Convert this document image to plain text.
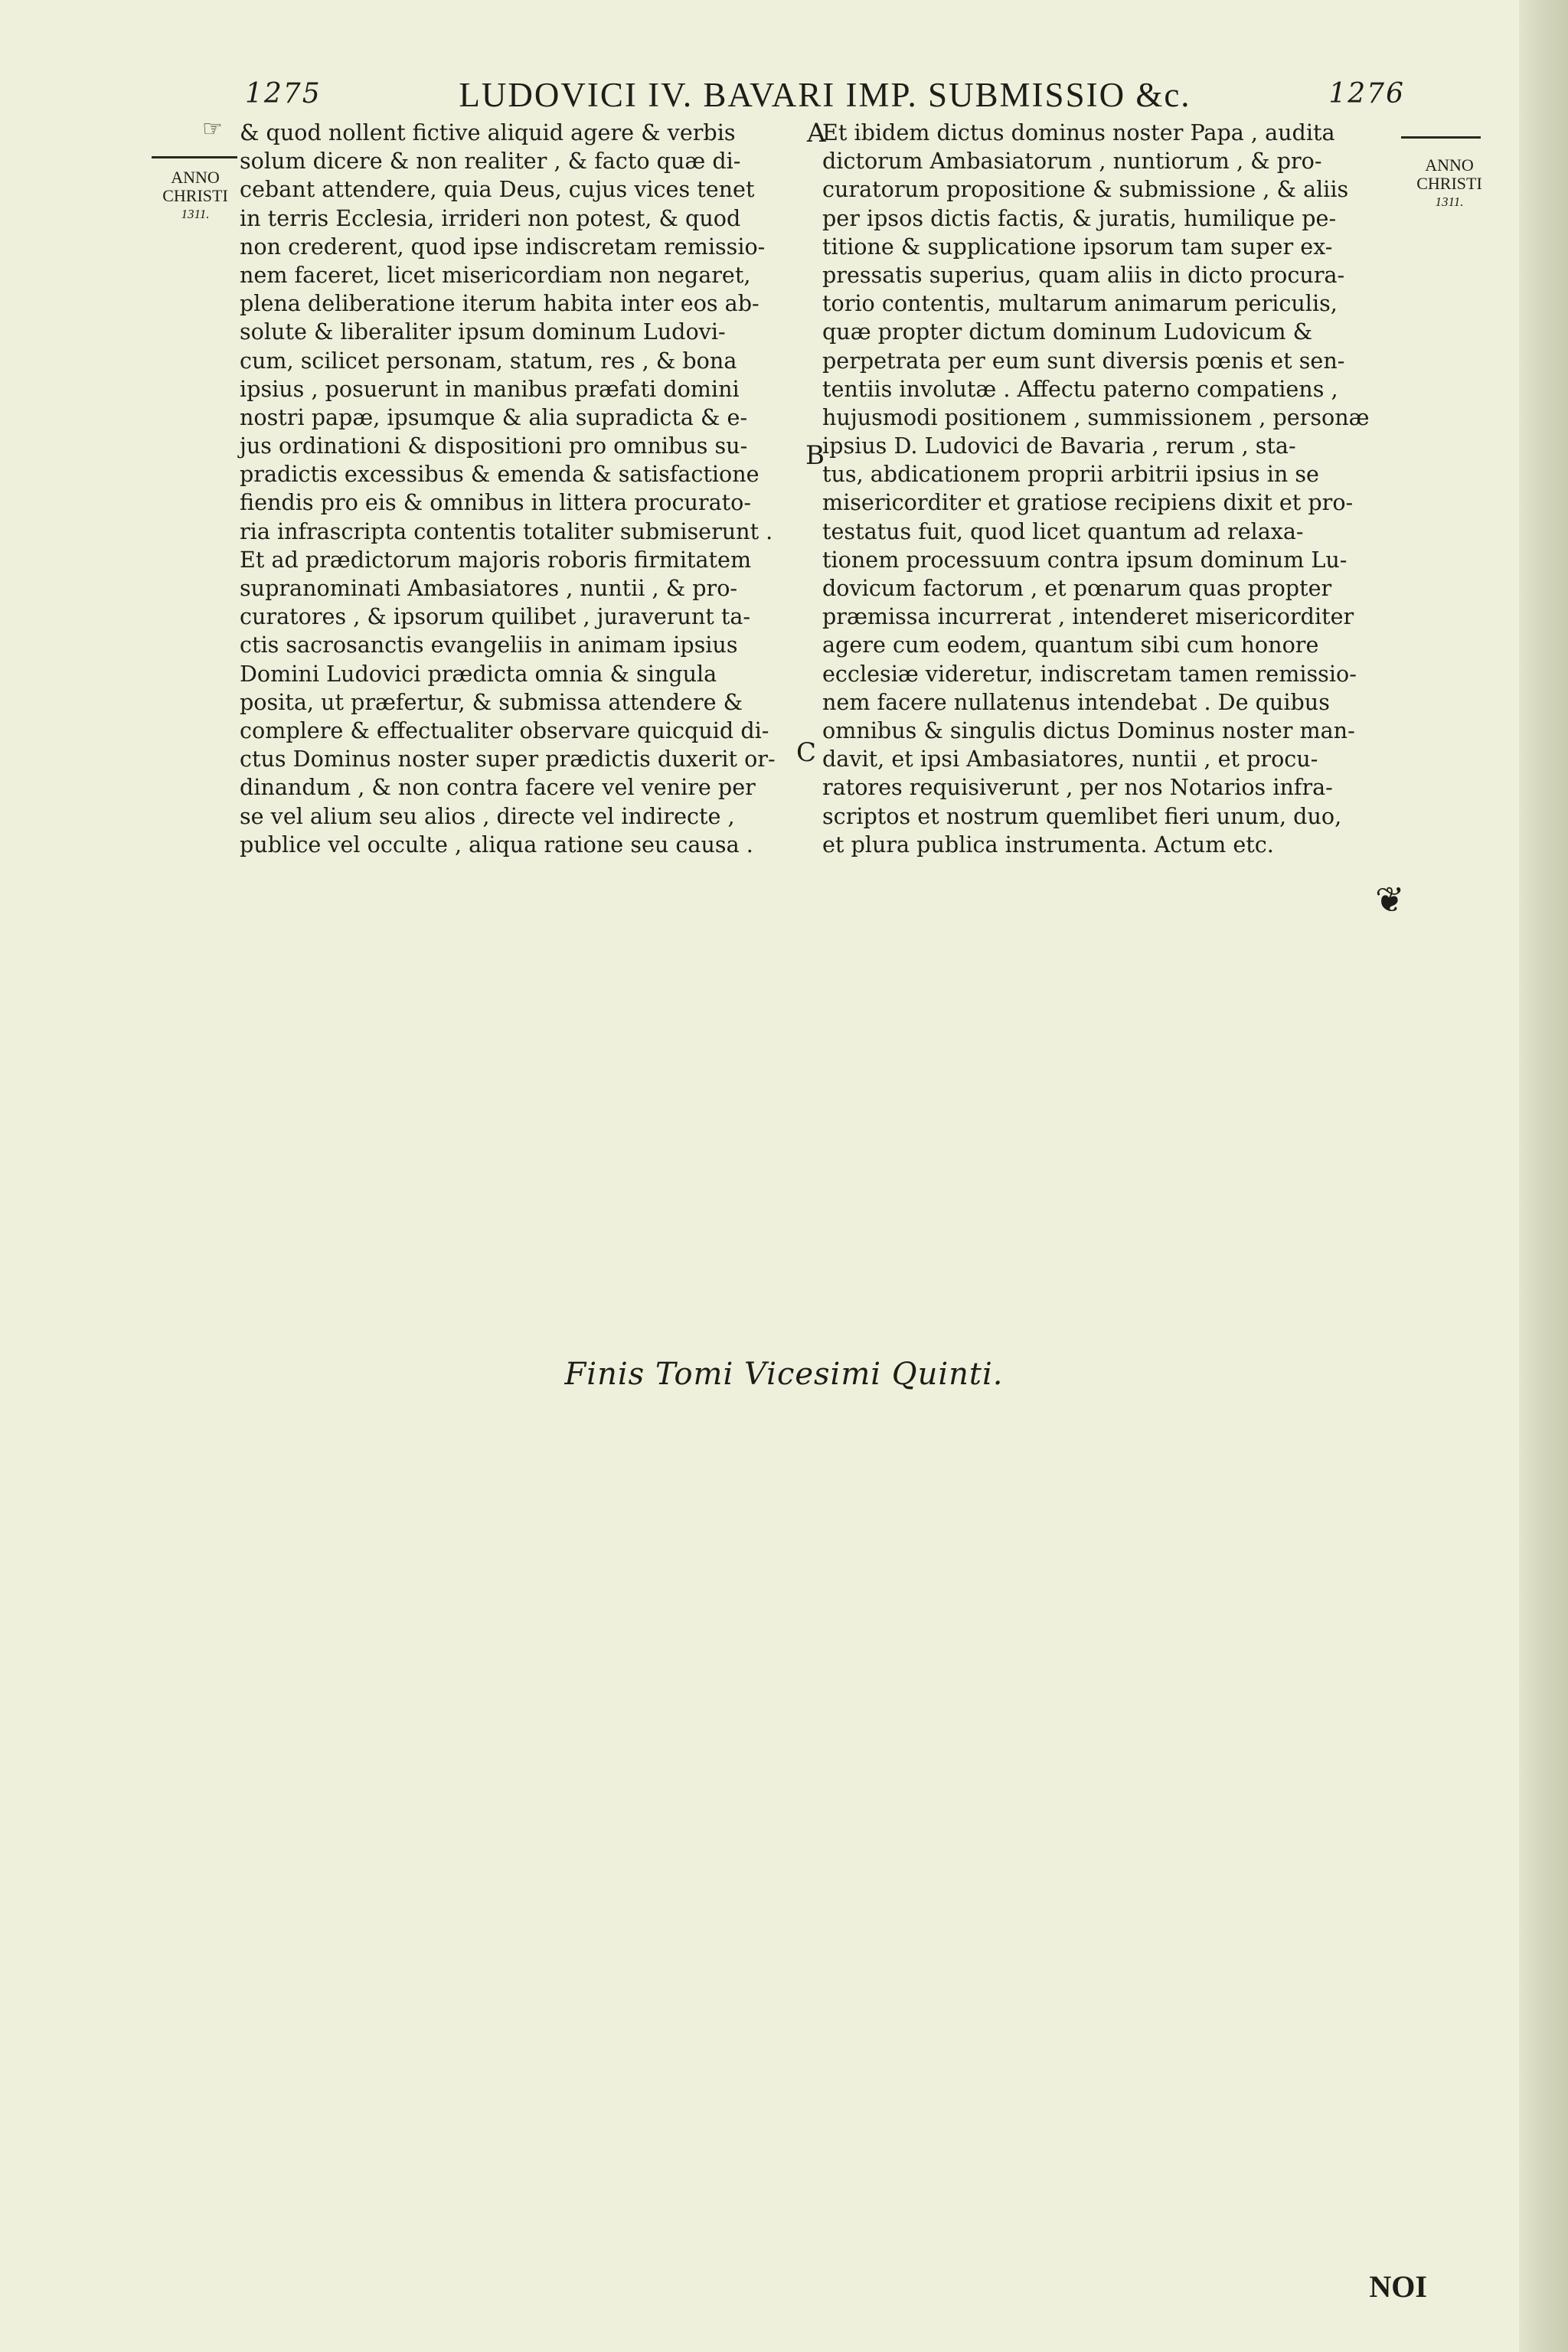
1275	LUDOVICI IV. BAVARI IMP. SUBMISSIO &c.	1276
☞
ANNO
CHRISTI
1311.
ANNO
CHRISTI
1311.
A
B
C
& quod nollent fictive aliquid agere & verbis
solum dicere & non realiter , & facto quæ di-
cebant attendere, quia Deus, cujus vices tenet
in terris Ecclesia, irrideri non potest, & quod
non crederent, quod ipse indiscretam remissio-
nem faceret, licet misericordiam non negaret,
plena deliberatione iterum habita inter eos ab-
solute & liberaliter ipsum dominum Ludovi-
cum, scilicet personam, statum, res , & bona
ipsius , posuerunt in manibus præfati domini
nostri papæ, ipsumque & alia supradicta & e-
jus ordinationi & dispositioni pro omnibus su-
pradictis excessibus & emenda & satisfactione
fiendis pro eis & omnibus in littera procurato-
ria infrascripta contentis totaliter submiserunt .
Et ad prædictorum majoris roboris firmitatem
supranominati Ambasiatores , nuntii , & pro-
curatores , & ipsorum quilibet , juraverunt ta-
ctis sacrosanctis evangeliis in animam ipsius
Domini Ludovici prædicta omnia & singula
posita, ut præfertur, & submissa attendere &
complere & effectualiter observare quicquid di-
ctus Dominus noster super prædictis duxerit or-
dinandum , & non contra facere vel venire per
se vel alium seu alios , directe vel indirecte ,
publice vel occulte , aliqua ratione seu causa .
Et ibidem dictus dominus noster Papa , audita
dictorum Ambasiatorum , nuntiorum , & pro-
curatorum propositione & submissione , & aliis
per ipsos dictis factis, & juratis, humilique pe-
titione & supplicatione ipsorum tam super ex-
pressatis superius, quam aliis in dicto procura-
torio contentis, multarum animarum periculis,
quæ propter dictum dominum Ludovicum &
perpetrata per eum sunt diversis pœnis et sen-
tentiis involutæ . Affectu paterno compatiens ,
hujusmodi positionem , summissionem , personæ
ipsius D. Ludovici de Bavaria , rerum , sta-
tus, abdicationem proprii arbitrii ipsius in se
misericorditer et gratiose recipiens dixit et pro-
testatus fuit, quod licet quantum ad relaxa-
tionem processuum contra ipsum dominum Lu-
dovicum factorum , et pœnarum quas propter
præmissa incurrerat , intenderet misericorditer
agere cum eodem, quantum sibi cum honore
ecclesiæ videretur, indiscretam tamen remissio-
nem facere nullatenus intendebat . De quibus
omnibus & singulis dictus Dominus noster man-
davit, et ipsi Ambasiatores, nuntii , et procu-
ratores requisiverunt , per nos Notarios infra-
scriptos et nostrum quemlibet fieri unum, duo,
et plura publica instrumenta. Actum etc.
❦
Finis Tomi Vicesimi Quinti.
NOI
